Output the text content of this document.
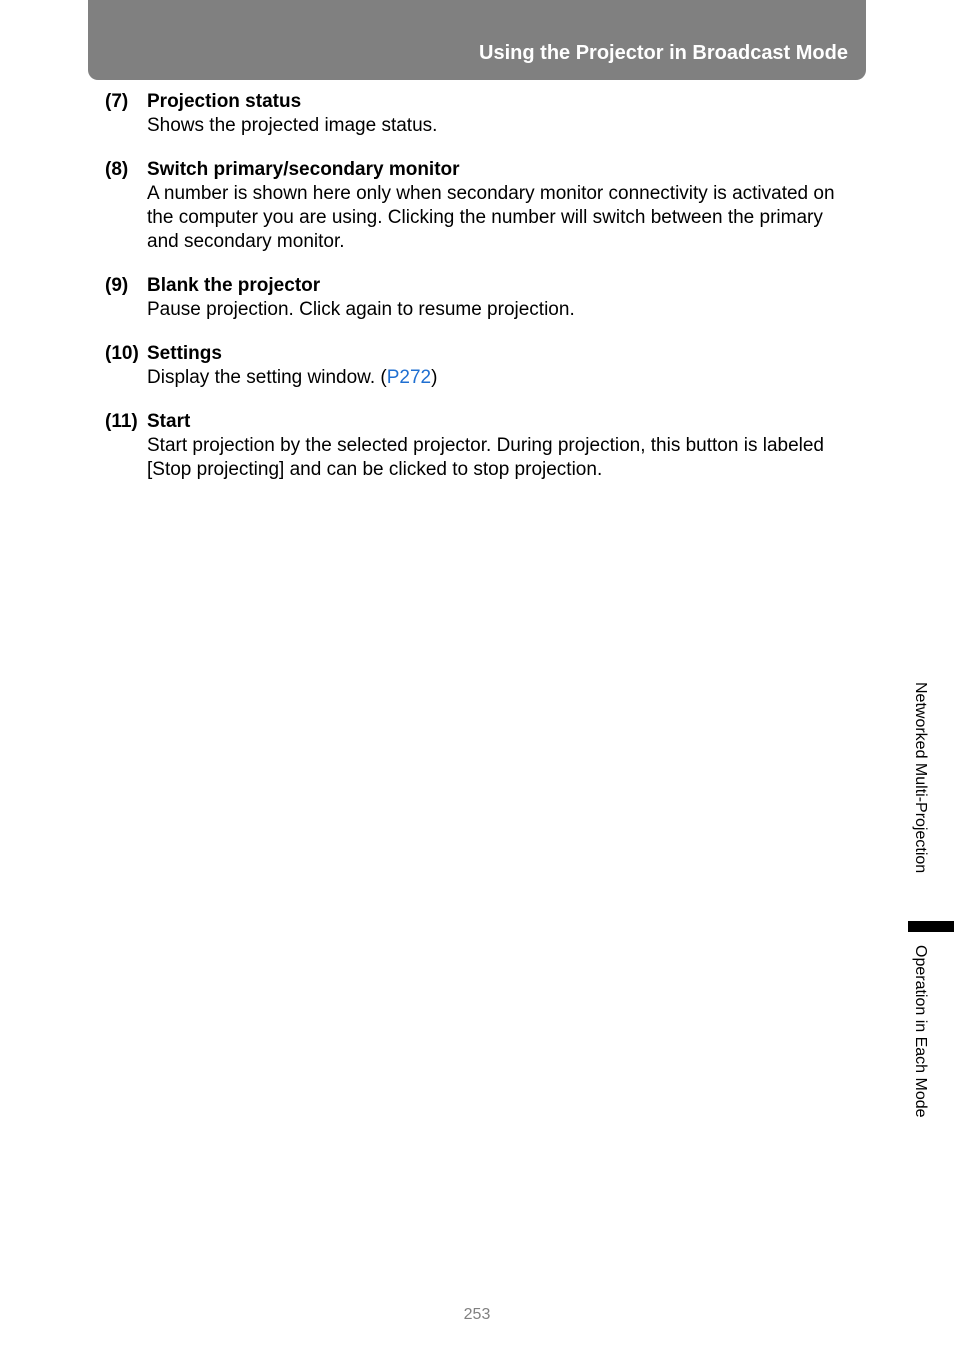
Using the Projector in Broadcast Mode
(7) Projection status
Shows the projected image status.
(8) Switch primary/secondary monitor
A number is shown here only when secondary monitor connectivity is activated on the computer you are using. Clicking the number will switch between the primary and secondary monitor.
(9) Blank the projector
Pause projection. Click again to resume projection.
(10) Settings
Display the setting window. (P272)
(11) Start
Start projection by the selected projector. During projection, this button is labeled [Stop projecting] and can be clicked to stop projection.
Networked Multi-Projection
Operation in Each Mode
253
